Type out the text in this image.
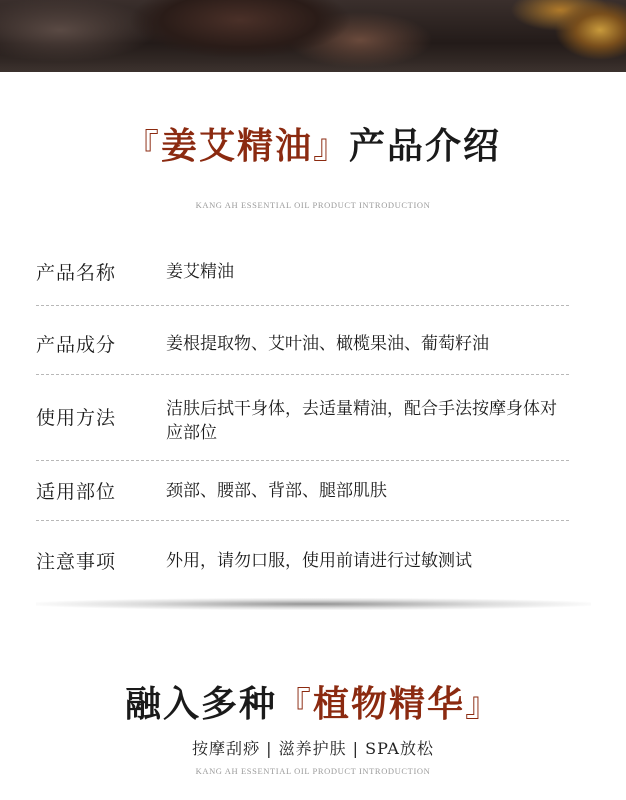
『姜艾精油』产品介绍
KANG AH ESSENTIAL OIL PRODUCT INTRODUCTION
产品名称	姜艾精油
产品成分	姜根提取物、艾叶油、橄榄果油、葡萄籽油
使用方法	洁肤后拭干身体，去适量精油，配合手法按摩身体对应部位
适用部位	颈部、腰部、背部、腿部肌肤
注意事项	外用，请勿口服，使用前请进行过敏测试
融入多种『植物精华』
按摩刮痧 | 滋养护肤 | SPA放松
KANG AH ESSENTIAL OIL PRODUCT INTRODUCTION
